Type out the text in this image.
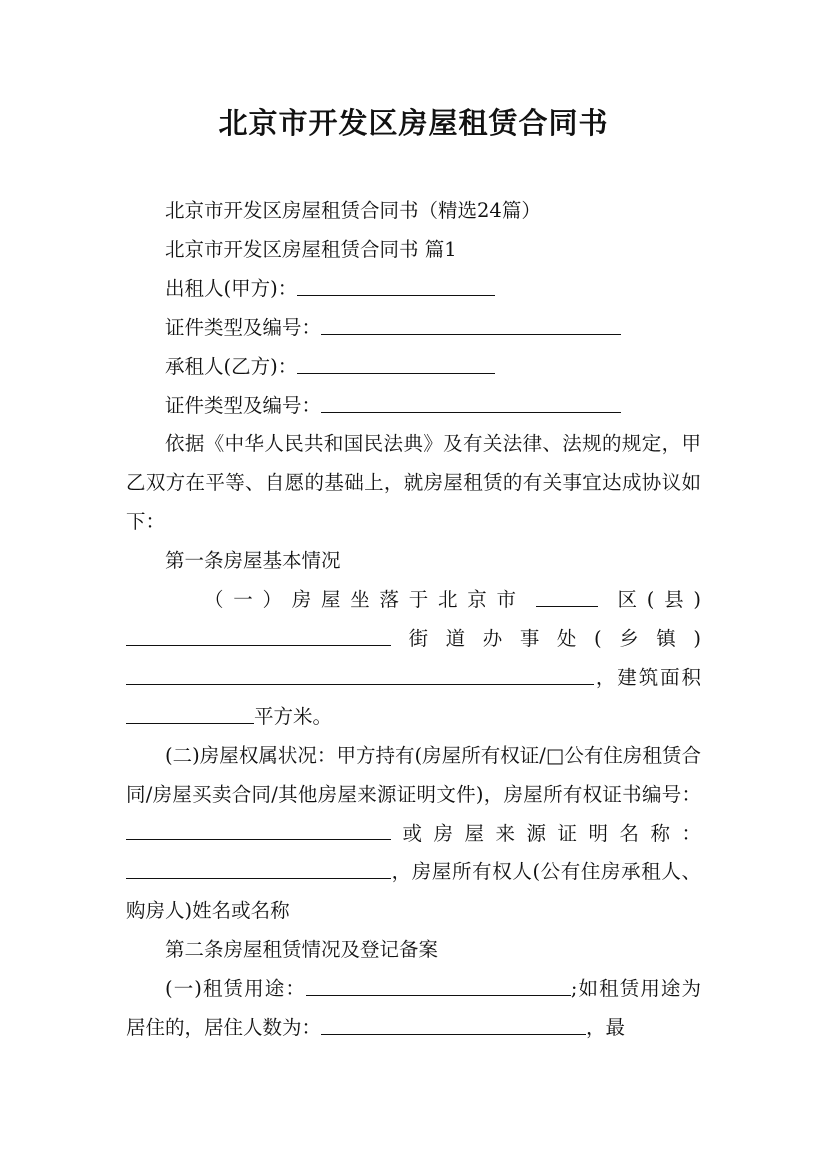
北京市开发区房屋租赁合同书

北京市开发区房屋租赁合同书（精选24篇）

北京市开发区房屋租赁合同书 篇1

出租人(甲方)：

证件类型及编号：

承租人(乙方)：

证件类型及编号：

依据《中华人民共和国民法典》及有关法律、法规的规定，甲乙双方在平等、自愿的基础上，就房屋租赁的有关事宜达成协议如下：

第一条房屋基本情况

（一）房屋坐落于北京市	区(县)街道办事处(乡镇)，建筑面积平方米。

(二)房屋权属状况：甲方持有(房屋所有权证/□公有住房租赁合同/房屋买卖合同/其他房屋来源证明文件)，房屋所有权证书编号：或房屋来源证明名称：，房屋所有权人(公有住房承租人、购房人)姓名或名称

第二条房屋租赁情况及登记备案

(一)租赁用途：	;如租赁用途为居住的，居住人数为：	，最
